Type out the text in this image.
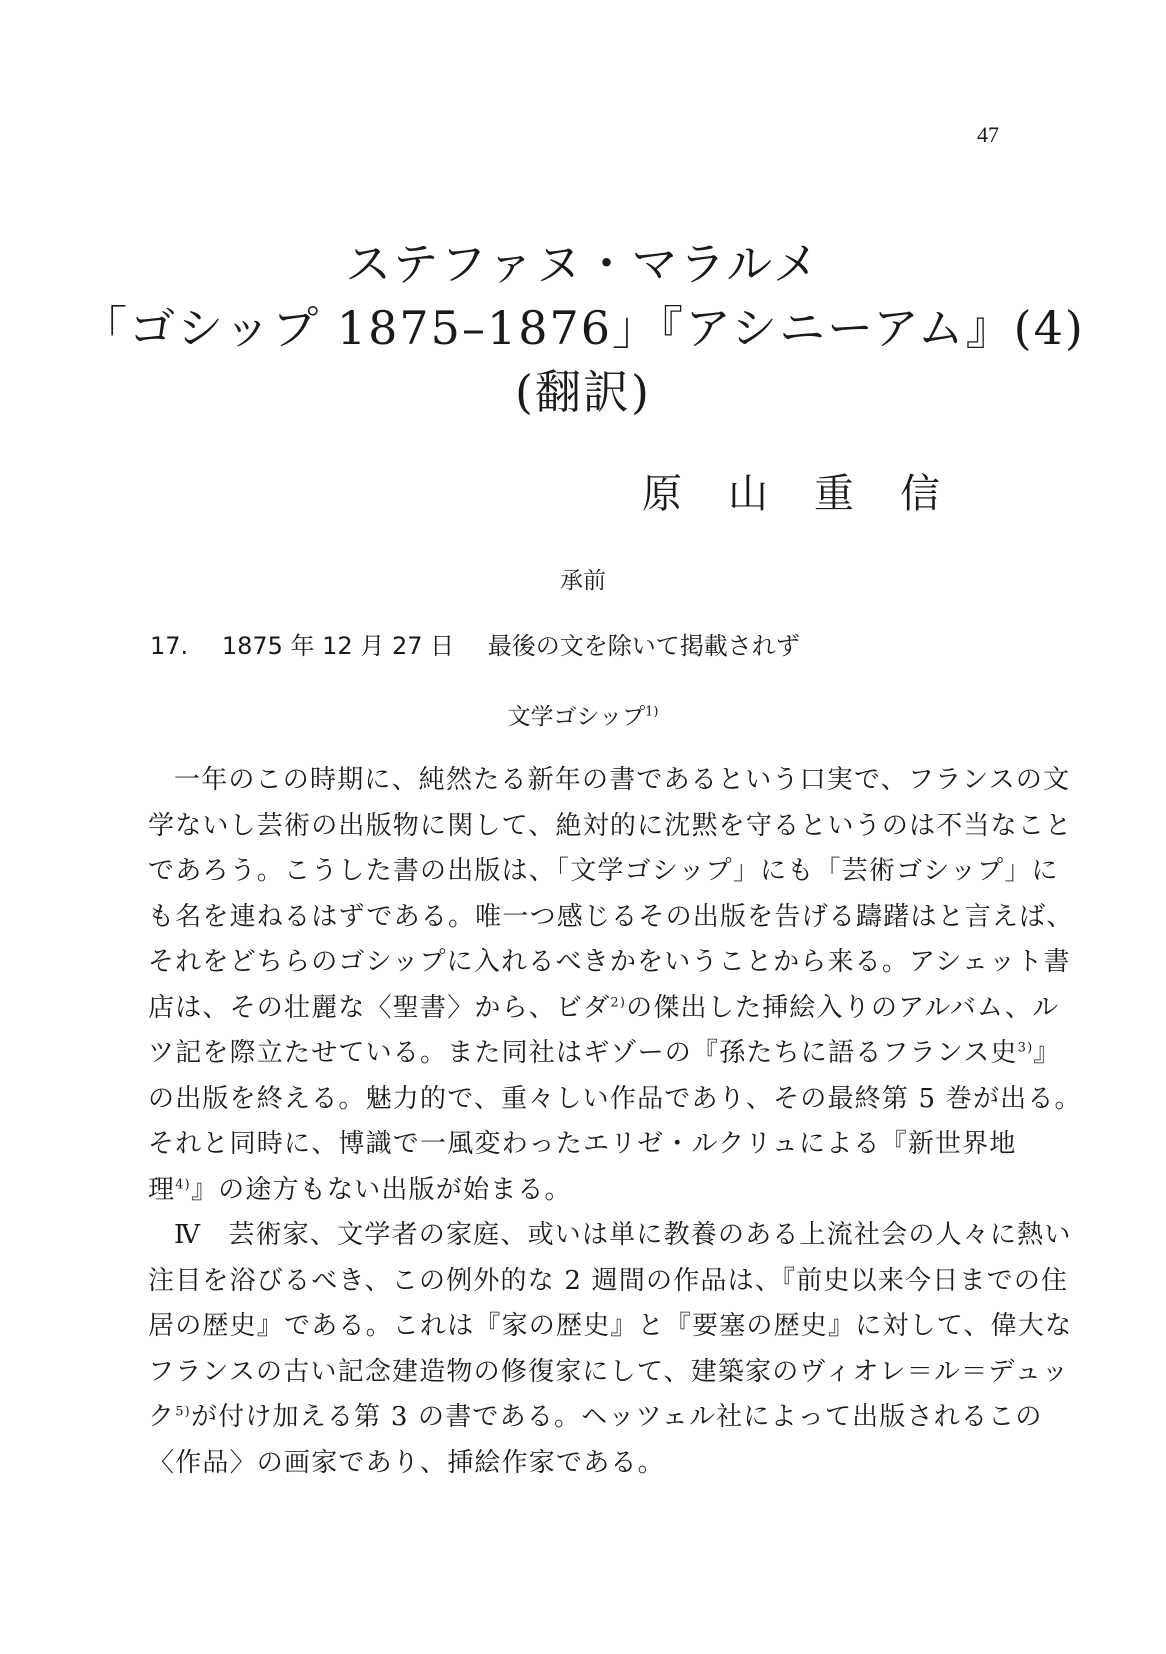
47
ステファヌ・マラルメ
「ゴシップ 1875–1876」『アシニーアム』(4)
(翻訳)
原山重信
承前
17. 1875 年 12 月 27 日 最後の文を除いて掲載されず
文学ゴシップ$^{1)}$
一年のこの時期に、純然たる新年の書であるという口実で、フランスの文
学ないし芸術の出版物に関して、絶対的に沈黙を守るというのは不当なこと
であろう。こうした書の出版は、「文学ゴシップ」にも「芸術ゴシップ」に
も名を連ねるはずである。唯一つ感じるその出版を告げる躊躇はと言えば、
それをどちらのゴシップに入れるべきかをいうことから来る。アシェット書
店は、その壮麗な〈聖書〉から、ビダ$^{2)}$の傑出した挿絵入りのアルバム、ル
ツ記を際立たせている。また同社はギゾーの『孫たちに語るフランス史$^{3)}$』
の出版を終える。魅力的で、重々しい作品であり、その最終第 5 巻が出る。
それと同時に、博識で一風変わったエリゼ・ルクリュによる『新世界地
理$^{4)}$』の途方もない出版が始まる。
Ⅳ　芸術家、文学者の家庭、或いは単に教養のある上流社会の人々に熱い
注目を浴びるべき、この例外的な 2 週間の作品は、『前史以来今日までの住
居の歴史』である。これは『家の歴史』と『要塞の歴史』に対して、偉大な
フランスの古い記念建造物の修復家にして、建築家のヴィオレ＝ル＝デュッ
ク$^{5)}$が付け加える第 3 の書である。ヘッツェル社によって出版されるこの
〈作品〉の画家であり、挿絵作家である。
